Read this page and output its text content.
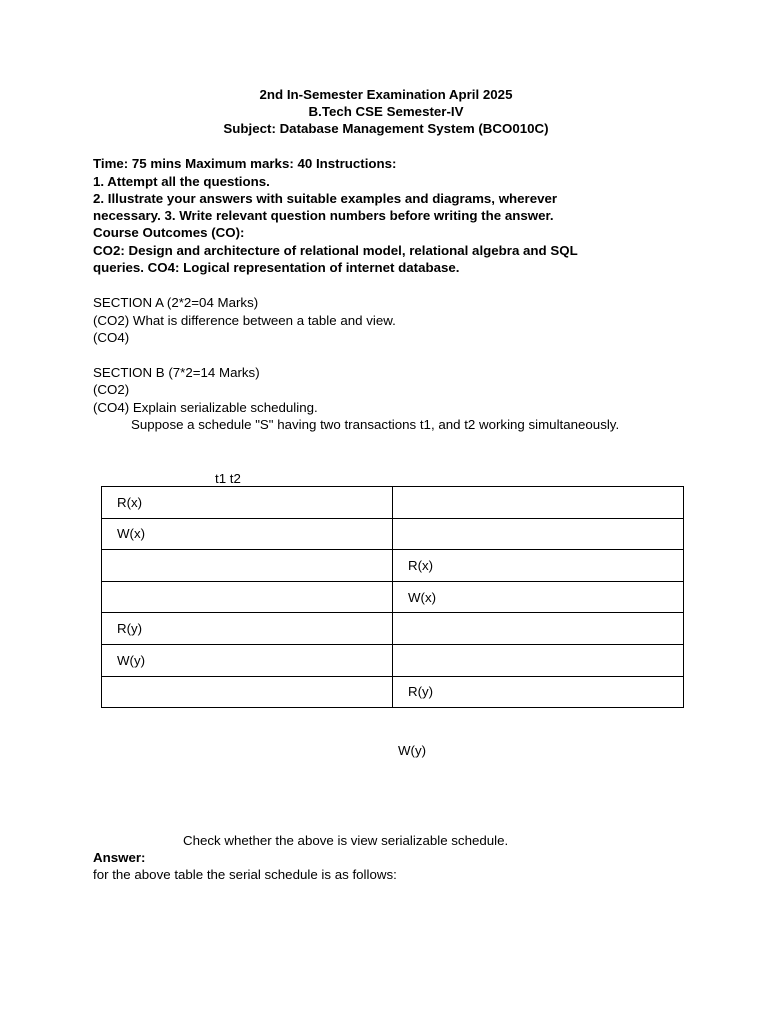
2nd In-Semester Examination April 2025
B.Tech CSE Semester-IV
Subject: Database Management System (BCO010C)
Time: 75 mins Maximum marks: 40 Instructions:
1. Attempt all the questions.
2. Illustrate your answers with suitable examples and diagrams, wherever
necessary. 3. Write relevant question numbers before writing the answer.
Course Outcomes (CO):
CO2: Design and architecture of relational model, relational algebra and SQL
queries. CO4: Logical representation of internet database.
SECTION A (2*2=04 Marks)
(CO2) What is difference between a table and view.
(CO4)
SECTION B (7*2=14 Marks)
(CO2)
(CO4) Explain serializable scheduling.
Suppose a schedule "S" having two transactions t1, and t2 working simultaneously.
t1 t2
R(x)	
W(x)	
	R(x)
	W(x)
R(y)	
W(y)	
	R(y)
W(y)
Check whether the above is view serializable schedule.
Answer:
for the above table the serial schedule is as follows:
